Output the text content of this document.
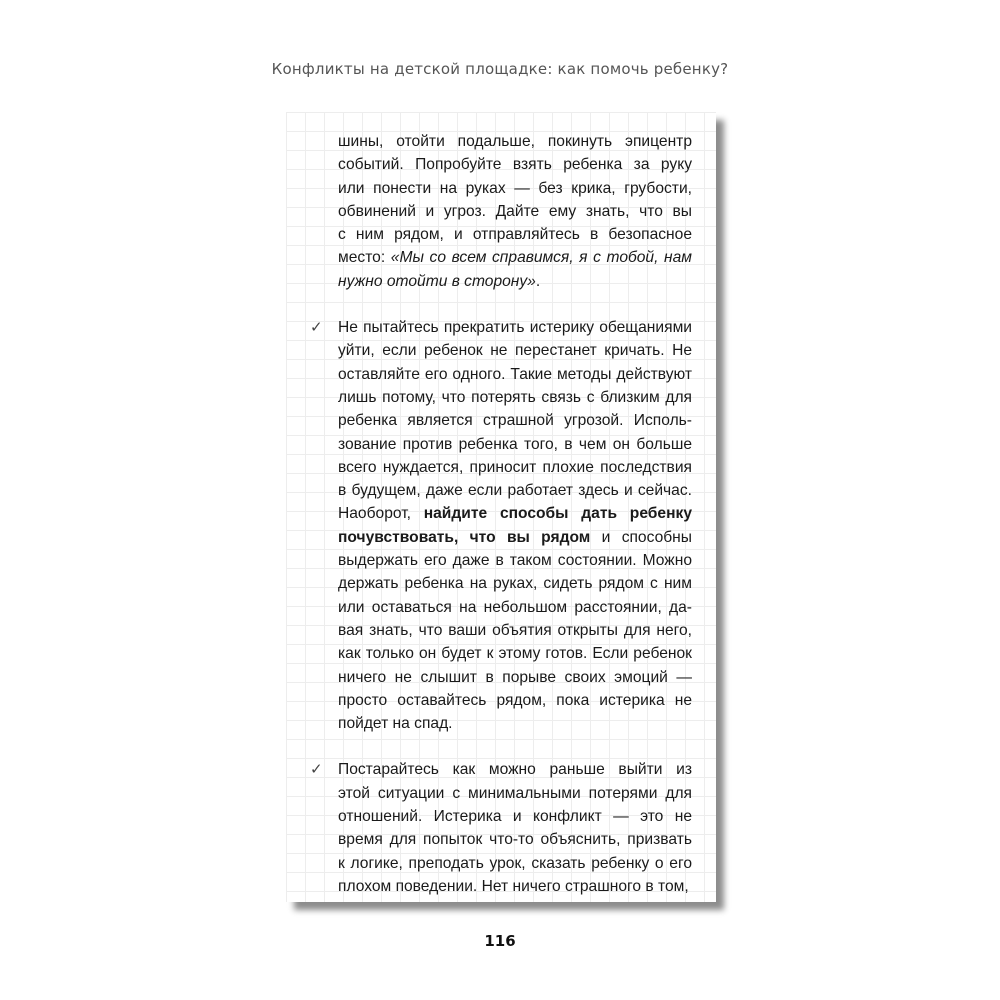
Конфликты на детской площадке: как помочь ребенку?
шины, отойти подальше, покинуть эпицентр
событий. Попробуйте взять ребенка за руку
или понести на руках — без крика, грубости,
обвинений и угроз. Дайте ему знать, что вы
с ним рядом, и отправляйтесь в безопасное
место: «Мы со всем справимся, я с тобой, нам
нужно отойти в сторону».
✓ Не пытайтесь прекратить истерику обещаниями
уйти, если ребенок не перестанет кричать. Не
оставляйте его одного. Такие методы действуют
лишь потому, что потерять связь с близким для
ребенка является страшной угрозой. Исполь-
зование против ребенка того, в чем он больше
всего нуждается, приносит плохие последствия
в будущем, даже если работает здесь и сейчас.
Наоборот, найдите способы дать ребенку
почувствовать, что вы рядом и способны
выдержать его даже в таком состоянии. Можно
держать ребенка на руках, сидеть рядом с ним
или оставаться на небольшом расстоянии, да-
вая знать, что ваши объятия открыты для него,
как только он будет к этому готов. Если ребенок
ничего не слышит в порыве своих эмоций —
просто оставайтесь рядом, пока истерика не
пойдет на спад.
✓ Постарайтесь как можно раньше выйти из
этой ситуации с минимальными потерями для
отношений. Истерика и конфликт — это не
время для попыток что-то объяснить, призвать
к логике, преподать урок, сказать ребенку о его
плохом поведении. Нет ничего страшного в том,
116
